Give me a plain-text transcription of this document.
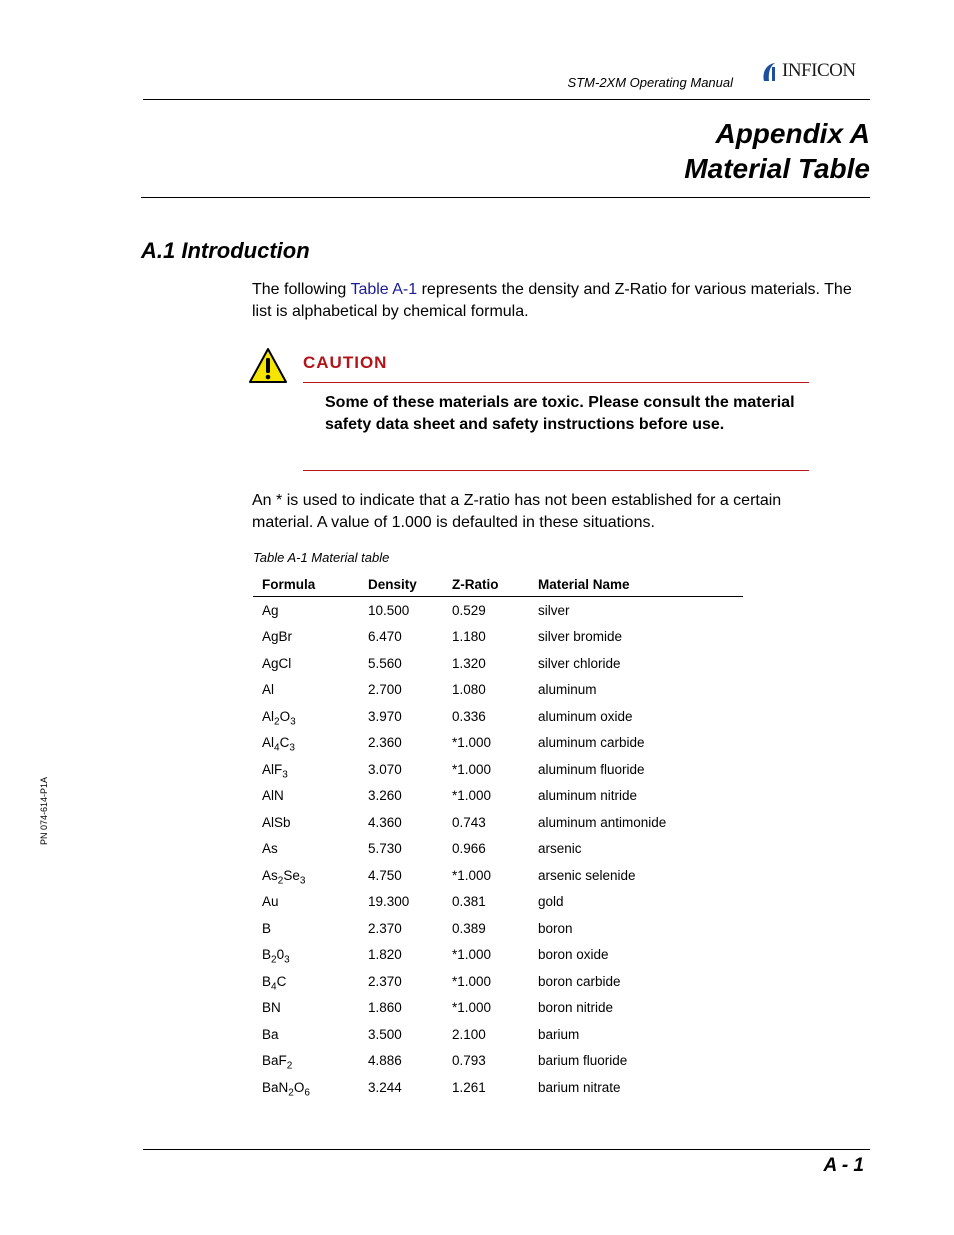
STM-2XM Operating Manual
INFICON
Appendix A
Material Table
A.1 Introduction
The following Table A-1 represents the density and Z-Ratio for various materials. The list is alphabetical by chemical formula.
CAUTION
Some of these materials are toxic. Please consult the material safety data sheet and safety instructions before use.
An * is used to indicate that a Z-ratio has not been established for a certain material. A value of 1.000 is defaulted in these situations.
Table A-1 Material table
Formula	Density	Z-Ratio	Material Name
Ag	10.500	0.529	silver
AgBr	6.470	1.180	silver bromide
AgCl	5.560	1.320	silver chloride
Al	2.700	1.080	aluminum
$Al_2O_3$	3.970	0.336	aluminum oxide
$Al_4C_3$	2.360	*1.000	aluminum carbide
AlF$_3$	3.070	*1.000	aluminum fluoride
AlN	3.260	*1.000	aluminum nitride
AlSb	4.360	0.743	aluminum antimonide
As	5.730	0.966	arsenic
$As_2Se_3$	4.750	*1.000	arsenic selenide
Au	19.300	0.381	gold
B	2.370	0.389	boron
$B_20_3$	1.820	*1.000	boron oxide
$B_4C$	2.370	*1.000	boron carbide
BN	1.860	*1.000	boron nitride
Ba	3.500	2.100	barium
BaF$_2$	4.886	0.793	barium fluoride
$BaN_2O_6$	3.244	1.261	barium nitrate
PN 074-614-P1A
A - 1
